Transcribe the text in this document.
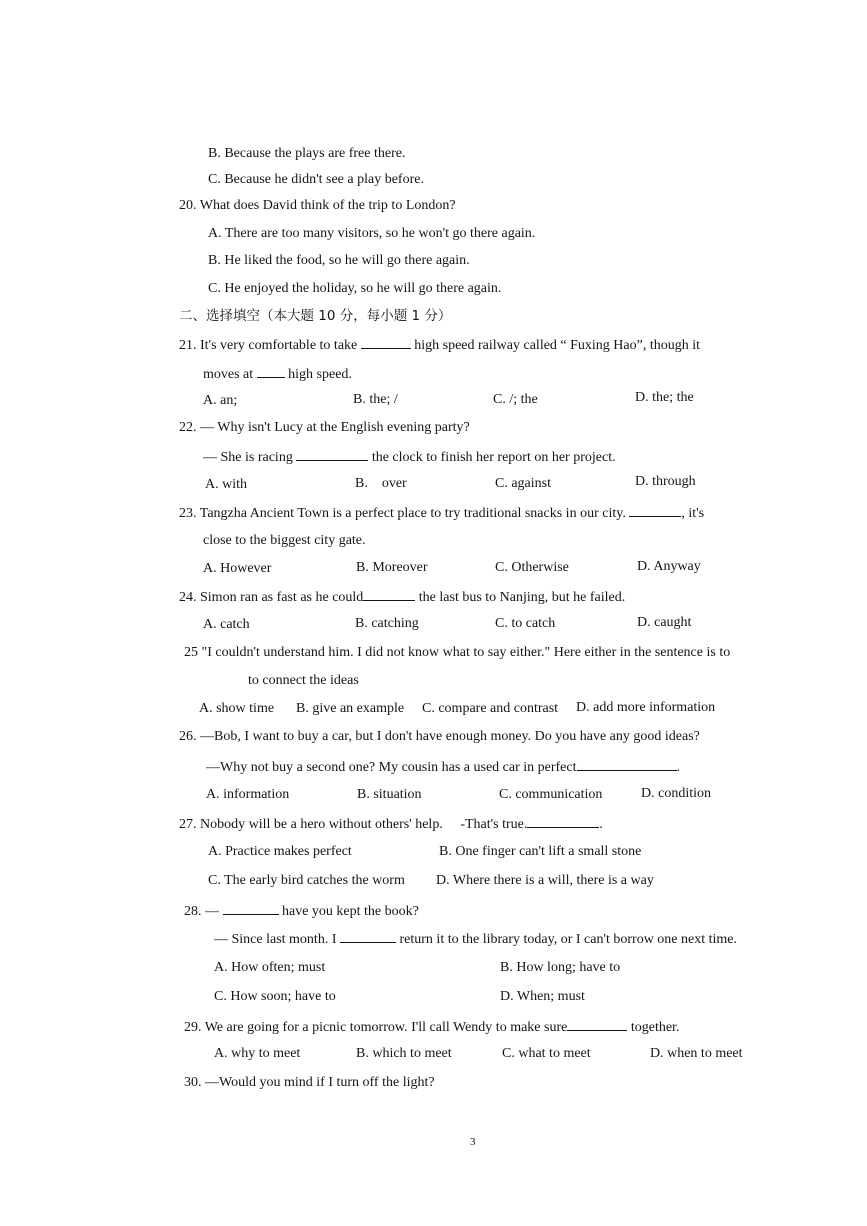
B. Because the plays are free there.
C. Because he didn't see a play before.
20. What does David think of the trip to London?
A. There are too many visitors, so he won't go there again.
B. He liked the food, so he will go there again.
C. He enjoyed the holiday, so he will go there again.
二、选择填空（本大题 10 分，每小题 1 分）
21. It's very comfortable to take	high speed railway called “ Fuxing Hao”, though it
moves at	high speed.
A. an;	B. the; /	C. /; the	D. the; the
22. — Why isn't Lucy at the English evening party?
— She is racing	the clock to finish her report on her project.
A. with	B.    over	C. against	D. through
23. Tangzha Ancient Town is a perfect place to try traditional snacks in our city.	, it's
close to the biggest city gate.
A. However	B. Moreover	C. Otherwise	D. Anyway
24. Simon ran as fast as he could	the last bus to Nanjing, but he failed.
A. catch	B. catching	C. to catch	D. caught
25 "I couldn't understand him. I did not know what to say either." Here either in the sentence is to
to connect the ideas
A. show time B. give an example C. compare and contrast D. add more information
26. —Bob, I want to buy a car, but I don't have enough money. Do you have any good ideas?
—Why not buy a second one? My cousin has a used car in perfect	.
A. information	B. situation	C. communication	D. condition
27. Nobody will be a hero without others' help.     -That's true.	.
A. Practice makes perfect	B. One finger can't lift a small stone
C. The early bird catches the worm D. Where there is a will, there is a way
28. —	have you kept the book?
— Since last month. I	return it to the library today, or I can't borrow one next time.
A. How often; must	B. How long; have to
C. How soon; have to	D. When; must
29. We are going for a picnic tomorrow. I'll call Wendy to make sure	together.
A. why to meet	B. which to meet	C. what to meet	D. when to meet
30. —Would you mind if I turn off the light?
3
